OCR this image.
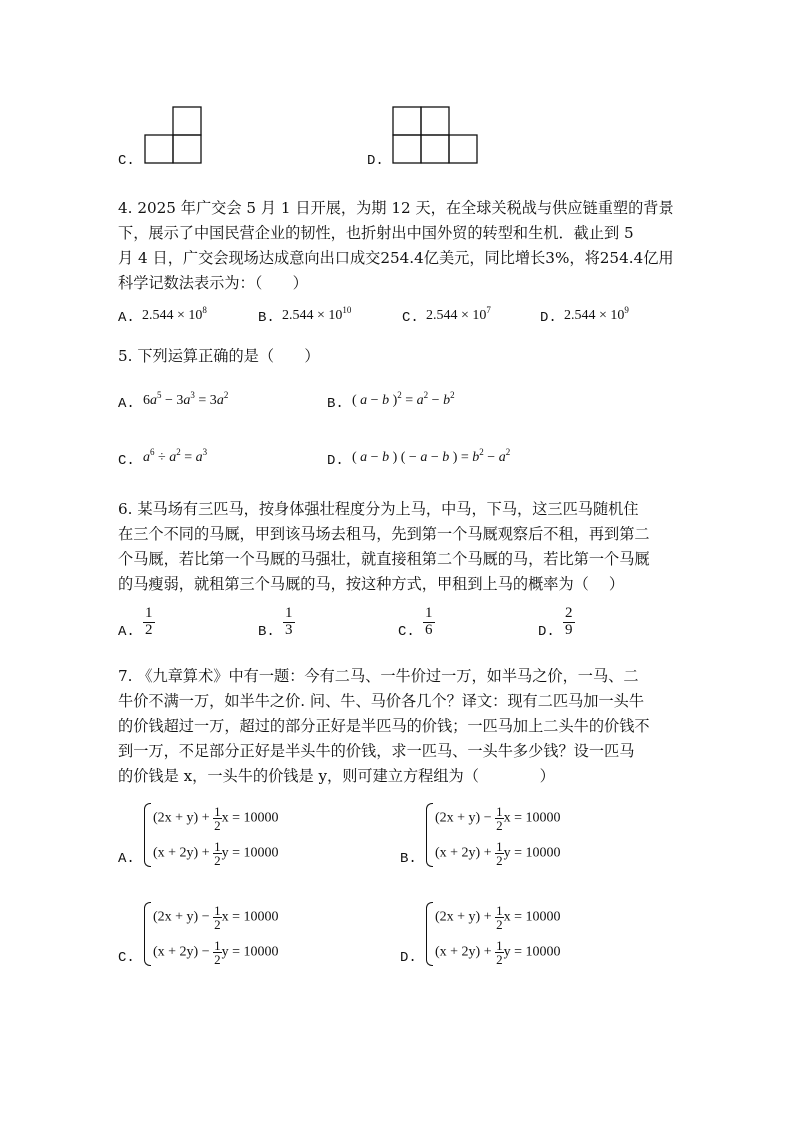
C.	D.
4. 2025 年广交会 5 月 1 日开展，为期 12 天，在全球关税战与供应链重塑的背景
下，展示了中国民营企业的韧性，也折射出中国外贸的转型和生机．截止到 5
月 4 日，广交会现场达成意向出口成交254.4亿美元，同比增长3%，将254.4亿用
科学记数法表示为：（　　）
A. $2.544 \times 10^8$	B. $2.544 \times 10^{10}$	C. $2.544 \times 10^7$	D. $2.544 \times 10^9$
5. 下列运算正确的是（　　）
A. $6a^5 - 3a^3 = 3a^2$
B. ( a − b )$^2 = a^2 - b^2$
C. $a^6 \div a^2 = a^3$
D. ( a − b ) ( − a − b ) = $b^2 - a^2$
6. 某马场有三匹马，按身体强壮程度分为上马，中马，下马，这三匹马随机住
在三个不同的马厩，甲到该马场去租马，先到第一个马厩观察后不租，再到第二
个马厩，若比第一个马厩的马强壮，就直接租第二个马厩的马，若比第一个马厩
的马瘦弱，就租第三个马厩的马，按这种方式，甲租到上马的概率为（　 ）
A. $\frac{1}{2}$	B. $\frac{1}{3}$	C. $\frac{1}{6}$	D. $\frac{2}{9}$
7. 《九章算术》中有一题：今有二马、一牛价过一万，如半马之价，一马、二
牛价不满一万，如半牛之价. 问、牛、马价各几个？译文：现有二匹马加一头牛
的价钱超过一万，超过的部分正好是半匹马的价钱；一匹马加上二头牛的价钱不
到一万，不足部分正好是半头牛的价钱，求一匹马、一头牛多少钱？设一匹马
的价钱是 x，一头牛的价钱是 y，则可建立方程组为（　　　　）
A.
$(2x + y) + \frac{1}{2}$ x = 10000
$(x + 2y) + \frac{1}{2}$ y = 10000	B.
$(2x + y) - \frac{1}{2}$ x = 10000
$(x + 2y) + \frac{1}{2}$ y = 10000
C.
$(2x + y) - \frac{1}{2}$ x = 10000
$(x + 2y) - \frac{1}{2}$ y = 10000	D.
$(2x + y) + \frac{1}{2}$ x = 10000
$(x + 2y) + \frac{1}{2}$ y = 10000
